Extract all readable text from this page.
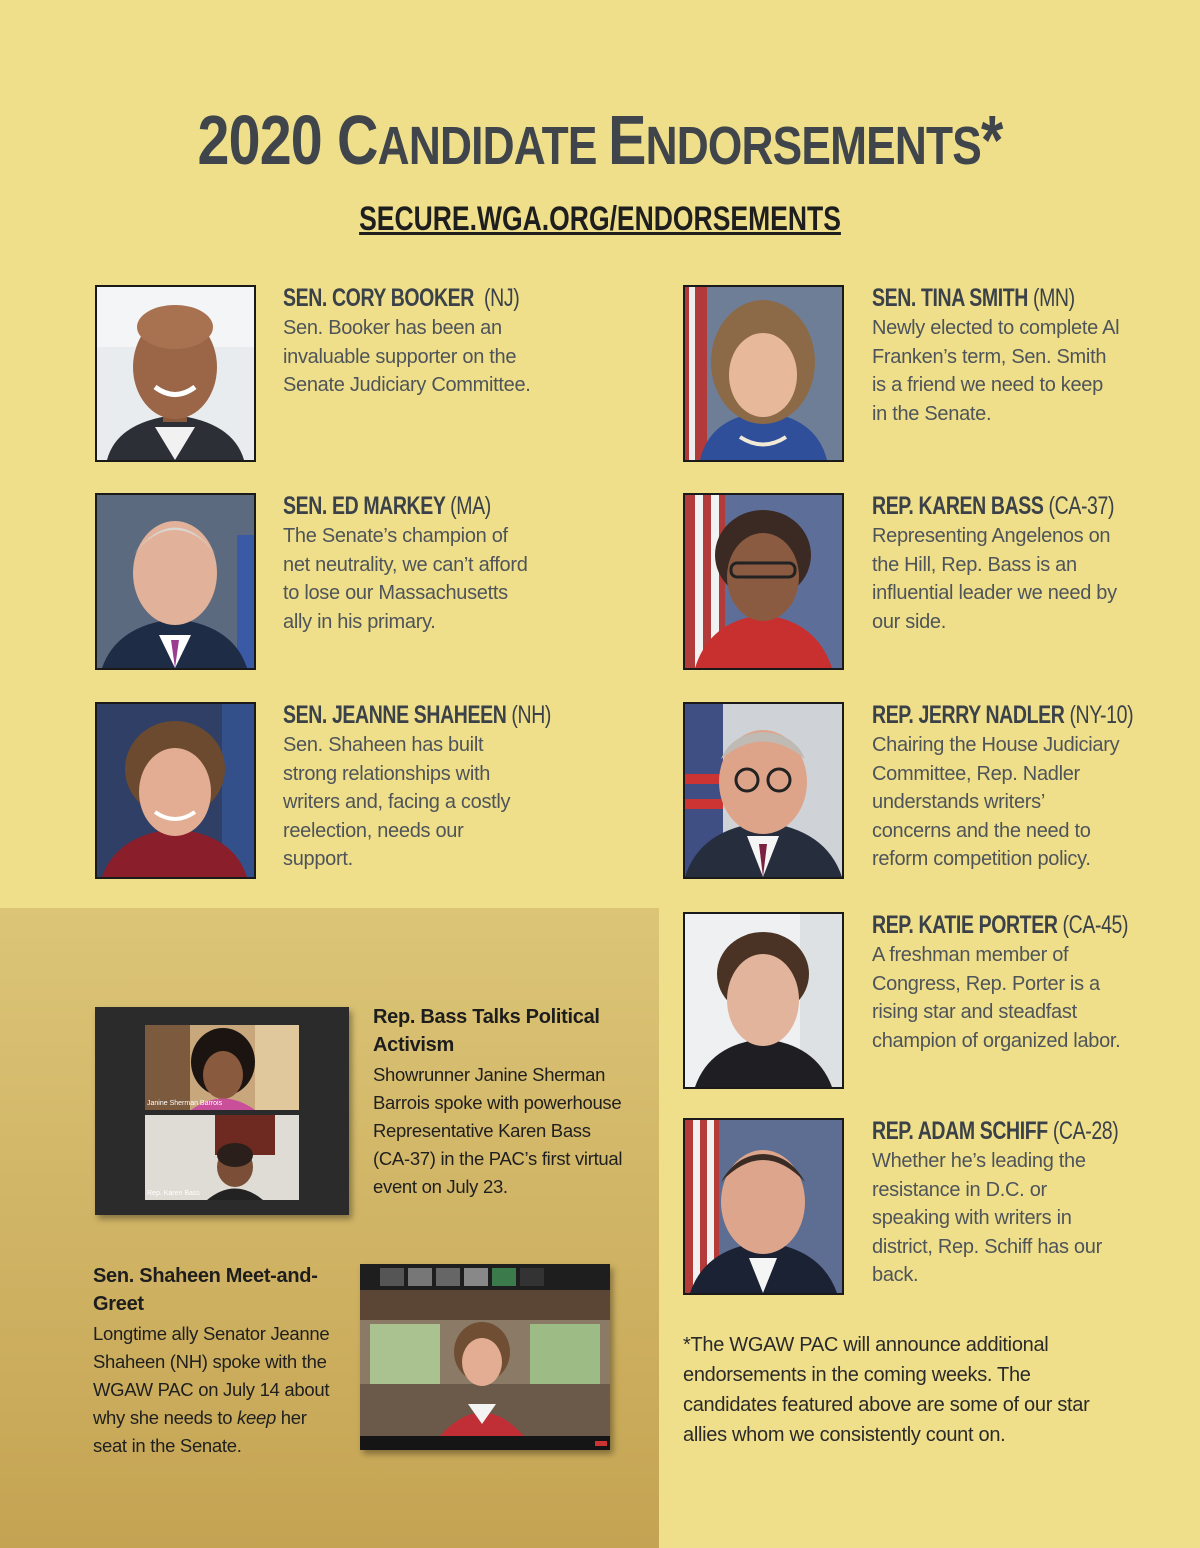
2020 CANDIDATE ENDORSEMENTS*
SECURE.WGA.ORG/ENDORSEMENTS
SEN. CORY BOOKER (NJ)
Sen. Booker has been an invaluable supporter on the Senate Judiciary Committee.
SEN. TINA SMITH (MN)
Newly elected to complete Al Franken’s term, Sen. Smith is a friend we need to keep in the Senate.
SEN. ED MARKEY (MA)
The Senate’s champion of net neutrality, we can’t afford to lose our Massachusetts ally in his primary.
REP. KAREN BASS (CA-37)
Representing Angelenos on the Hill, Rep. Bass is an influential leader we need by our side.
SEN. JEANNE SHAHEEN (NH)
Sen. Shaheen has built strong relationships with writers and, facing a costly reelection, needs our support.
REP. JERRY NADLER (NY-10)
Chairing the House Judiciary Committee, Rep. Nadler understands writers’ concerns and the need to reform competition policy.
REP. KATIE PORTER (CA-45)
A freshman member of Congress, Rep. Porter is a rising star and steadfast champion of organized labor.
REP. ADAM SCHIFF (CA-28)
Whether he’s leading the resistance in D.C. or speaking with writers in district, Rep. Schiff has our back.
Janine Sherman Barrois
Rep. Karen Bass
Rep. Bass Talks Political Activism
Showrunner Janine Sherman Barrois spoke with powerhouse Representative Karen Bass (CA-37) in the PAC’s first virtual event on July 23.
Sen. Shaheen Meet-and-Greet
Longtime ally Senator Jeanne Shaheen (NH) spoke with the WGAW PAC on July 14 about why she needs to keep her seat in the Senate.
*The WGAW PAC will announce additional endorsements in the coming weeks. The candidates featured above are some of our star allies whom we consistently count on.
